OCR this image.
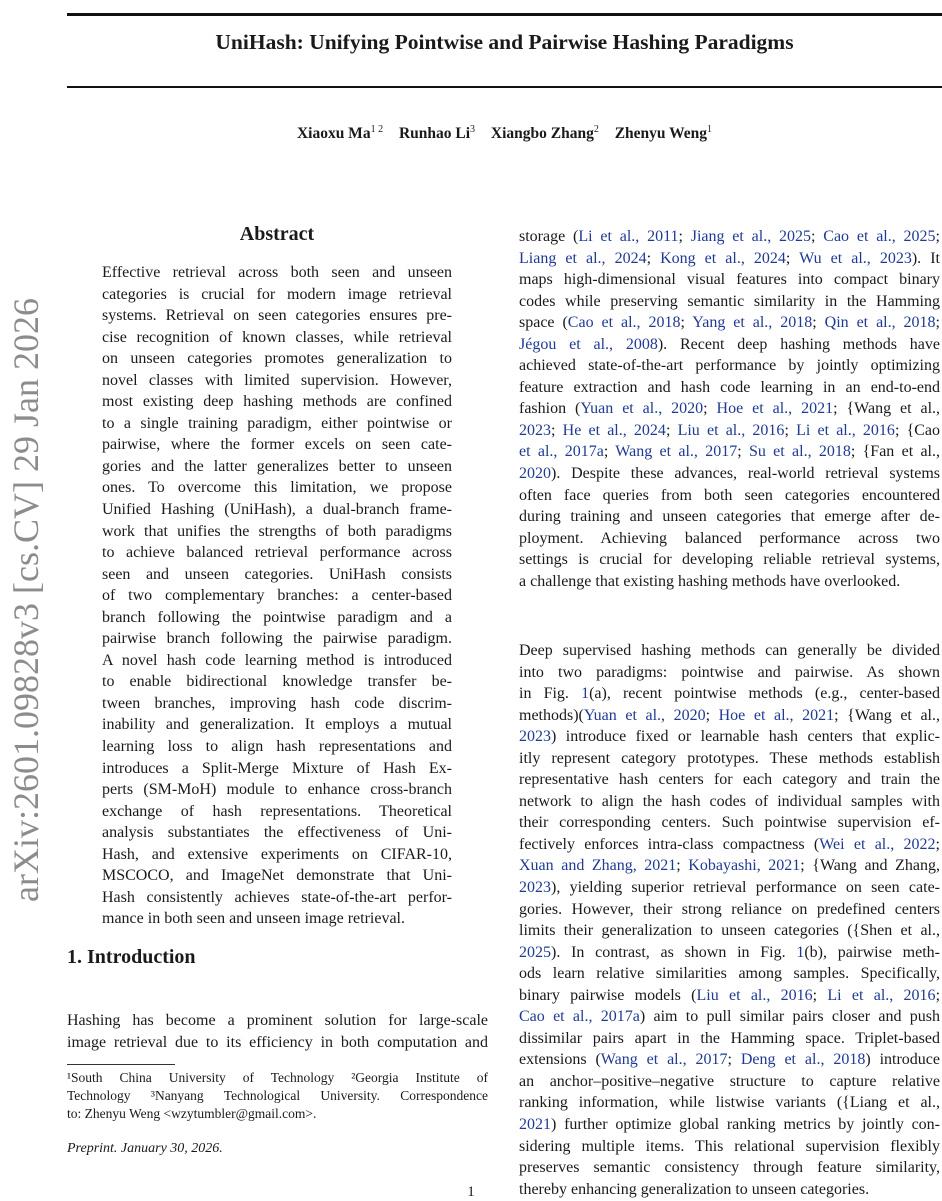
UniHash: Unifying Pointwise and Pairwise Hashing Paradigms
Xiaoxu $Ma^{1 2}$ Runhao Li$^3$ Xiangbo Zhang$^2$ Zhenyu Weng$^1$
arXiv:2601.09828v3 [cs.CV] 29 Jan 2026
Abstract
Effective retrieval across both seen and unseen
categories is crucial for modern image retrieval
systems. Retrieval on seen categories ensures pre-
cise recognition of known classes, while retrieval
on unseen categories promotes generalization to
novel classes with limited supervision. However,
most existing deep hashing methods are confined
to a single training paradigm, either pointwise or
pairwise, where the former excels on seen cate-
gories and the latter generalizes better to unseen
ones. To overcome this limitation, we propose
Unified Hashing (UniHash), a dual-branch frame-
work that unifies the strengths of both paradigms
to achieve balanced retrieval performance across
seen and unseen categories. UniHash consists
of two complementary branches: a center-based
branch following the pointwise paradigm and a
pairwise branch following the pairwise paradigm.
A novel hash code learning method is introduced
to enable bidirectional knowledge transfer be-
tween branches, improving hash code discrim-
inability and generalization. It employs a mutual
learning loss to align hash representations and
introduces a Split-Merge Mixture of Hash Ex-
perts (SM-MoH) module to enhance cross-branch
exchange of hash representations. Theoretical
analysis substantiates the effectiveness of Uni-
Hash, and extensive experiments on CIFAR-10,
MSCOCO, and ImageNet demonstrate that Uni-
Hash consistently achieves state-of-the-art perfor-
mance in both seen and unseen image retrieval.
1. Introduction
Hashing has become a prominent solution for large-scale
image retrieval due to its efficiency in both computation and
¹South China University of Technology ²Georgia Institute of
Technology ³Nanyang Technological University. Correspondence
to: Zhenyu Weng <wzytumbler@gmail.com>.
Preprint. January 30, 2026.
storage (Li et al., 2011; Jiang et al., 2025; Cao et al., 2025;
Liang et al., 2024; Kong et al., 2024; Wu et al., 2023). It
maps high-dimensional visual features into compact binary
codes while preserving semantic similarity in the Hamming
space (Cao et al., 2018; Yang et al., 2018; Qin et al., 2018;
Jégou et al., 2008). Recent deep hashing methods have
achieved state-of-the-art performance by jointly optimizing
feature extraction and hash code learning in an end-to-end
fashion (Yuan et al., 2020; Hoe et al., 2021; {Wang et al.,
2023; He et al., 2024; Liu et al., 2016; Li et al., 2016; {Cao
et al., 2017a; Wang et al., 2017; Su et al., 2018; {Fan et al.,
2020). Despite these advances, real-world retrieval systems
often face queries from both seen categories encountered
during training and unseen categories that emerge after de-
ployment. Achieving balanced performance across two
settings is crucial for developing reliable retrieval systems,
a challenge that existing hashing methods have overlooked.
Deep supervised hashing methods can generally be divided
into two paradigms: pointwise and pairwise. As shown
in Fig. 1(a), recent pointwise methods (e.g., center-based
methods)(Yuan et al., 2020; Hoe et al., 2021; {Wang et al.,
2023) introduce fixed or learnable hash centers that explic-
itly represent category prototypes. These methods establish
representative hash centers for each category and train the
network to align the hash codes of individual samples with
their corresponding centers. Such pointwise supervision ef-
fectively enforces intra-class compactness (Wei et al., 2022;
Xuan and Zhang, 2021; Kobayashi, 2021; {Wang and Zhang,
2023), yielding superior retrieval performance on seen cate-
gories. However, their strong reliance on predefined centers
limits their generalization to unseen categories ({Shen et al.,
2025). In contrast, as shown in Fig. 1(b), pairwise meth-
ods learn relative similarities among samples. Specifically,
binary pairwise models (Liu et al., 2016; Li et al., 2016;
Cao et al., 2017a) aim to pull similar pairs closer and push
dissimilar pairs apart in the Hamming space. Triplet-based
extensions (Wang et al., 2017; Deng et al., 2018) introduce
an anchor–positive–negative structure to capture relative
ranking information, while listwise variants ({Liang et al.,
2021) further optimize global ranking metrics by jointly con-
sidering multiple items. This relational supervision flexibly
preserves semantic consistency through feature similarity,
thereby enhancing generalization to unseen categories.
1
